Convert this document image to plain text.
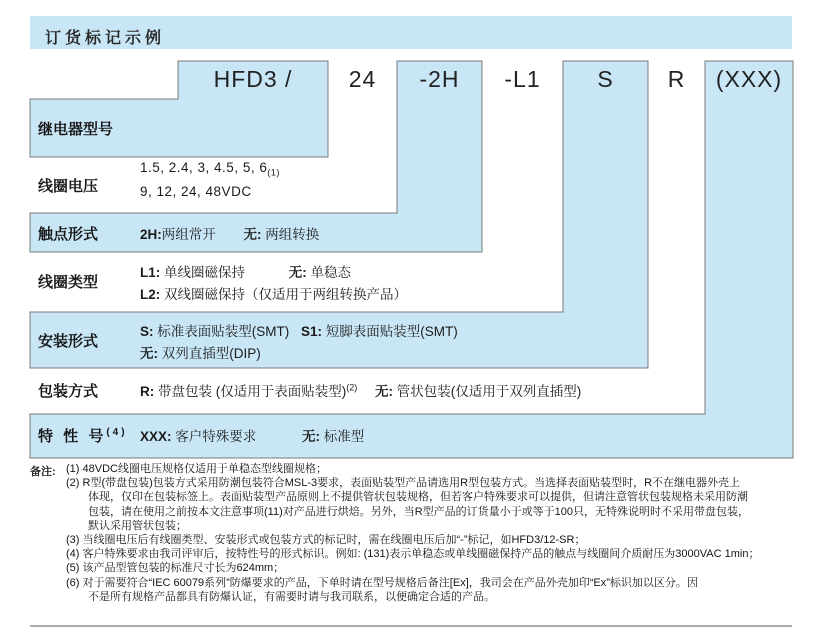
订货标记示例
HFD3 /	24	-2H	-L1	S	R	(XXX)
继电器型号
线圈电压
触点形式
线圈类型
安装形式
包装方式
特 性 号$^{(4)}$
1.5, 2.4, 3, 4.5, 5, $6_{(1)}$
9, 12, 24, 48VDC
2H:两组常开 无: 两组转换
L1: 单线圈磁保持	无: 单稳态
L2: 双线圈磁保持（仅适用于两组转换产品）
S: 标准表面贴装型(SMT) S1: 短脚表面贴装型(SMT)
无: 双列直插型(DIP)
R: 带盘包装 (仅适用于表面贴装型)$^{(2)}$ 无: 管状包装(仅适用于双列直插型)
XXX: 客户特殊要求	无: 标准型
备注: (1) 48VDC线圈电压规格仅适用于单稳态型线圈规格；
(2) R型(带盘包装)包装方式采用防潮包装符合MSL-3要求，表面贴装型产品请选用R型包装方式。当选择表面贴装型时，R不在继电器外壳上
体现，仅印在包装标签上。表面贴装型产品原则上不提供管状包装规格，但若客户特殊要求可以提供，但请注意管状包装规格未采用防潮
包装，请在使用之前按本文注意事项(11)对产品进行烘焙。另外，当R型产品的订货量小于或等于100只，无特殊说明时不采用带盘包装，
默认采用管状包装；
(3) 当线圈电压后有线圈类型、安装形式或包装方式的标记时，需在线圈电压后加“-”标记，如HFD3/12-SR；
(4) 客户特殊要求由我司评审后，按特性号的形式标识。例如: (131)表示单稳态或单线圈磁保持产品的触点与线圈间介质耐压为3000VAC 1min；
(5) 该产品型管包装的标准尺寸长为624mm；
(6) 对于需要符合“IEC 60079系列”防爆要求的产品，下单时请在型号规格后备注[Ex]，我司会在产品外壳加印“Ex”标识加以区分。因
不是所有规格产品都具有防爆认证，有需要时请与我司联系，以便确定合适的产品。
